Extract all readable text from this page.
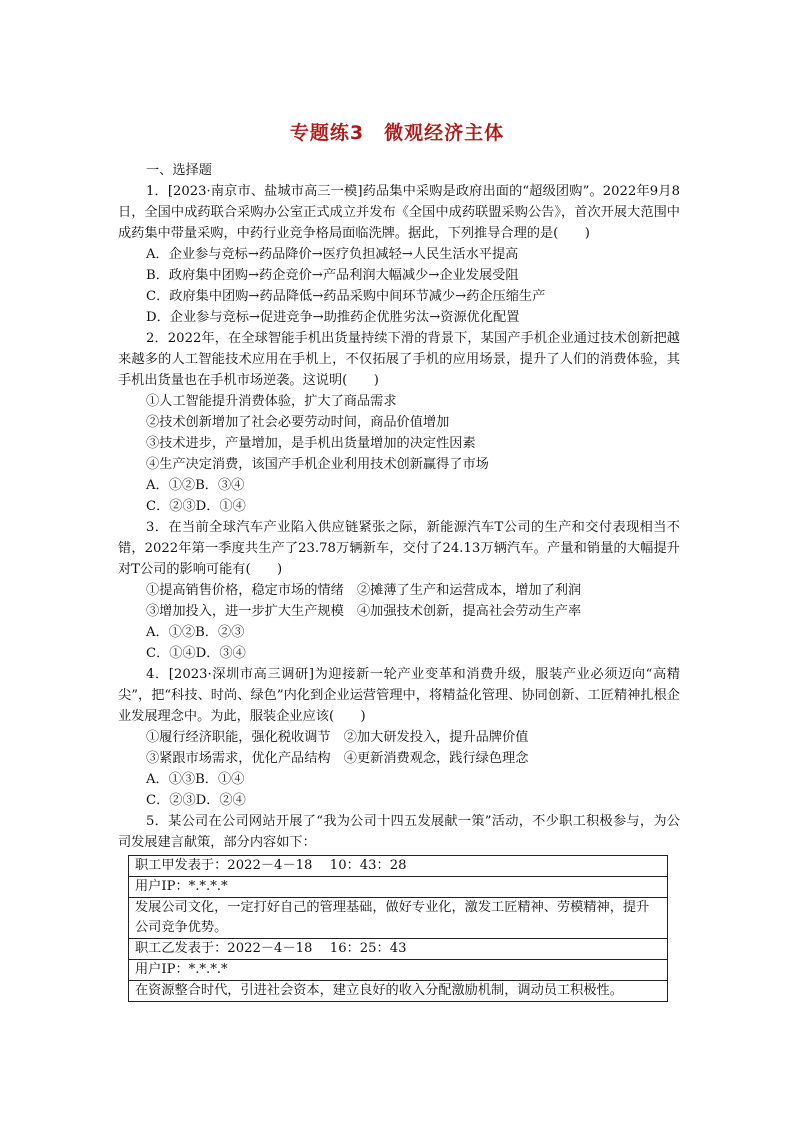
专题练3　微观经济主体
一、选择题
1．[2023·南京市、盐城市高三一模]药品集中采购是政府出面的“超级团购”。2022年9月8日，全国中成药联合采购办公室正式成立并发布《全国中成药联盟采购公告》，首次开展大范围中成药集中带量采购，中药行业竞争格局面临洗牌。据此，下列推导合理的是(　　)
A．企业参与竞标→药品降价→医疗负担减轻→人民生活水平提高
B．政府集中团购→药企竞价→产品利润大幅减少→企业发展受阻
C．政府集中团购→药品降低→药品采购中间环节减少→药企压缩生产
D．企业参与竞标→促进竞争→助推药企优胜劣汰→资源优化配置
2．2022年，在全球智能手机出货量持续下滑的背景下，某国产手机企业通过技术创新把越来越多的人工智能技术应用在手机上，不仅拓展了手机的应用场景，提升了人们的消费体验，其手机出货量也在手机市场逆袭。这说明(　　)
①人工智能提升消费体验，扩大了商品需求
②技术创新增加了社会必要劳动时间，商品价值增加
③技术进步，产量增加，是手机出货量增加的决定性因素
④生产决定消费，该国产手机企业利用技术创新赢得了市场
A．①②B．③④
C．②③D．①④
3．在当前全球汽车产业陷入供应链紧张之际，新能源汽车T公司的生产和交付表现相当不错，2022年第一季度共生产了23.78万辆新车，交付了24.13万辆汽车。产量和销量的大幅提升对T公司的影响可能有(　　)
①提高销售价格，稳定市场的情绪　②摊薄了生产和运营成本，增加了利润
③增加投入，进一步扩大生产规模　④加强技术创新，提高社会劳动生产率
A．①②B．②③
C．①④D．③④
4．[2023·深圳市高三调研]为迎接新一轮产业变革和消费升级，服装产业必须迈向“高精尖”，把“科技、时尚、绿色”内化到企业运营管理中，将精益化管理、协同创新、工匠精神扎根企业发展理念中。为此，服装企业应该(　　)
①履行经济职能，强化税收调节　②加大研发投入，提升品牌价值
③紧跟市场需求，优化产品结构　④更新消费观念，践行绿色理念
A．①③B．①④
C．②③D．②④
5．某公司在公司网站开展了“我为公司十四五发展献一策”活动，不少职工积极参与，为公司发展建言献策，部分内容如下：
职工甲发表于：2022－4－18　 10：43：28
用户IP：*.*.*.*
发展公司文化，一定打好自己的管理基础，做好专业化，激发工匠精神、劳模精神，提升公司竞争优势。
职工乙发表于：2022－4－18　 16：25：43
用户IP：*.*.*.*
在资源整合时代，引进社会资本，建立良好的收入分配激励机制，调动员工积极性。
